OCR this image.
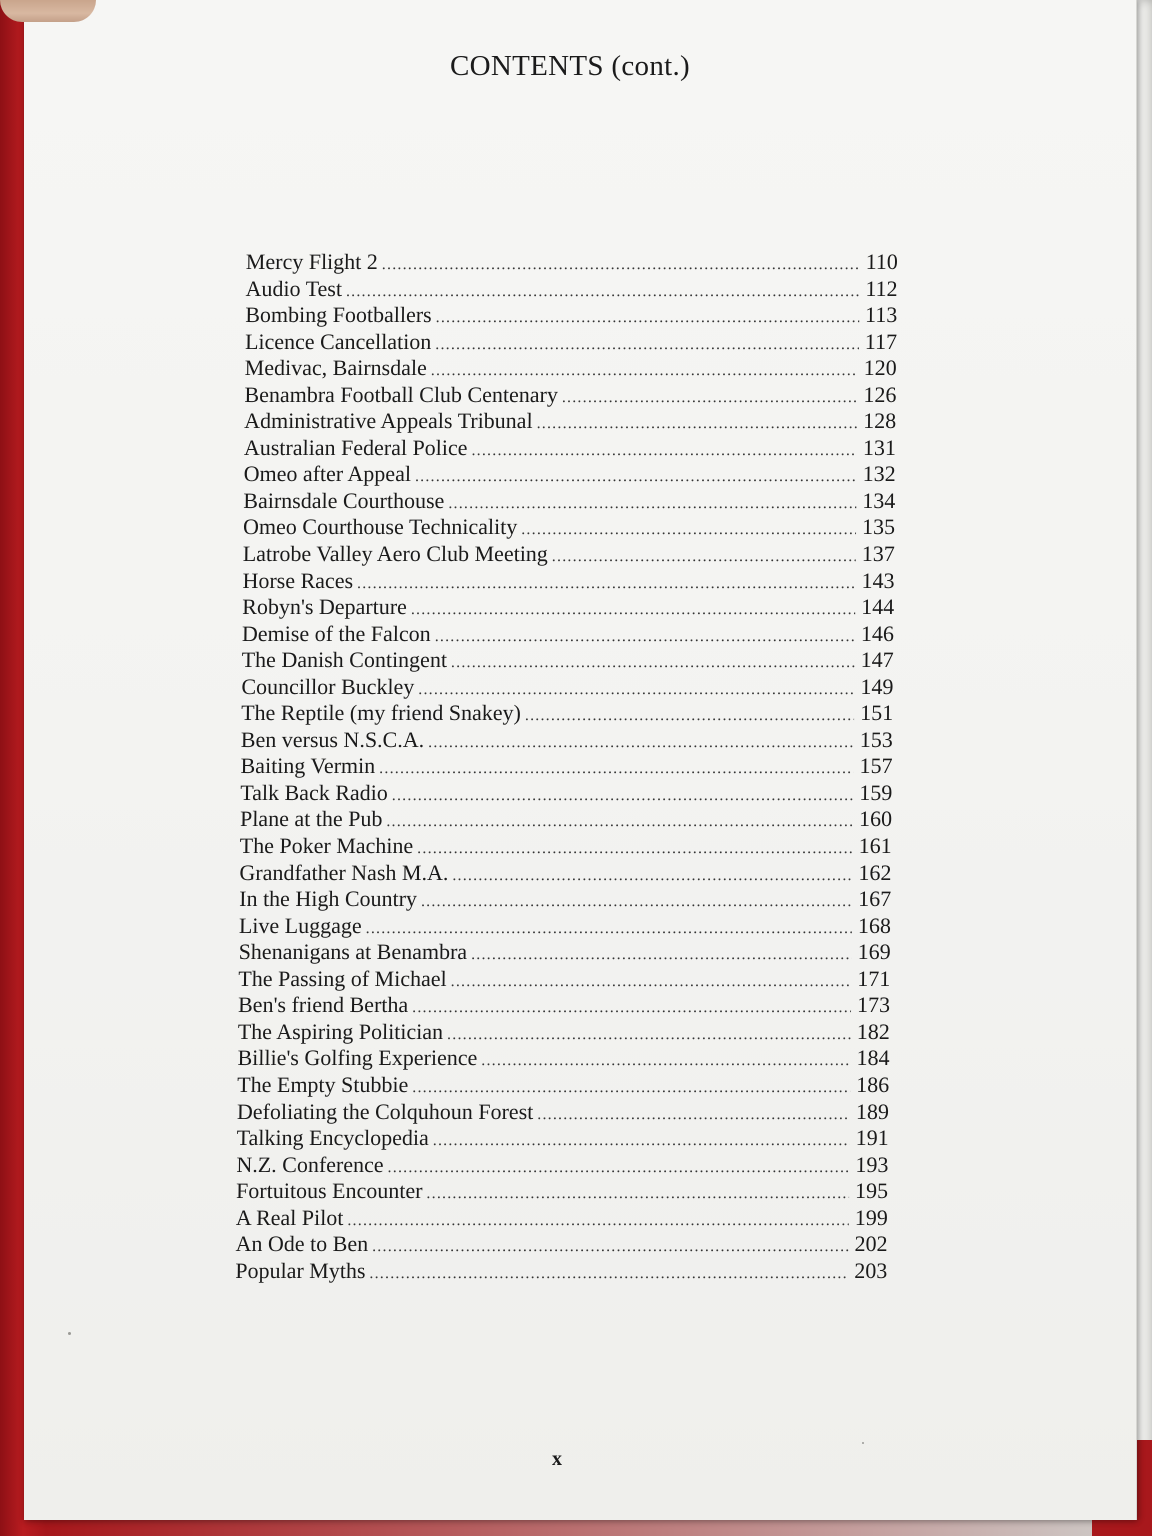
CONTENTS (cont.)
Mercy Flight 2 .....	110
Audio Test .....	112
Bombing Footballers .....	113
Licence Cancellation .....	117
Medivac, Bairnsdale .....	120
Benambra Football Club Centenary .....	126
Administrative Appeals Tribunal .....	128
Australian Federal Police .....	131
Omeo after Appeal .....	132
Bairnsdale Courthouse .....	134
Omeo Courthouse Technicality .....	135
Latrobe Valley Aero Club Meeting .....	137
Horse Races .....	143
Robyn's Departure .....	144
Demise of the Falcon .....	146
The Danish Contingent .....	147
Councillor Buckley .....	149
The Reptile (my friend Snakey) .....	151
Ben versus N.S.C.A. .....	153
Baiting Vermin .....	157
Talk Back Radio .....	159
Plane at the Pub .....	160
The Poker Machine .....	161
Grandfather Nash M.A. .....	162
In the High Country .....	167
Live Luggage .....	168
Shenanigans at Benambra .....	169
The Passing of Michael .....	171
Ben's friend Bertha .....	173
The Aspiring Politician .....	182
Billie's Golfing Experience .....	184
The Empty Stubbie .....	186
Defoliating the Colquhoun Forest .....	189
Talking Encyclopedia .....	191
N.Z. Conference .....	193
Fortuitous Encounter .....	195
A Real Pilot .....	199
An Ode to Ben .....	202
Popular Myths .....	203
x
